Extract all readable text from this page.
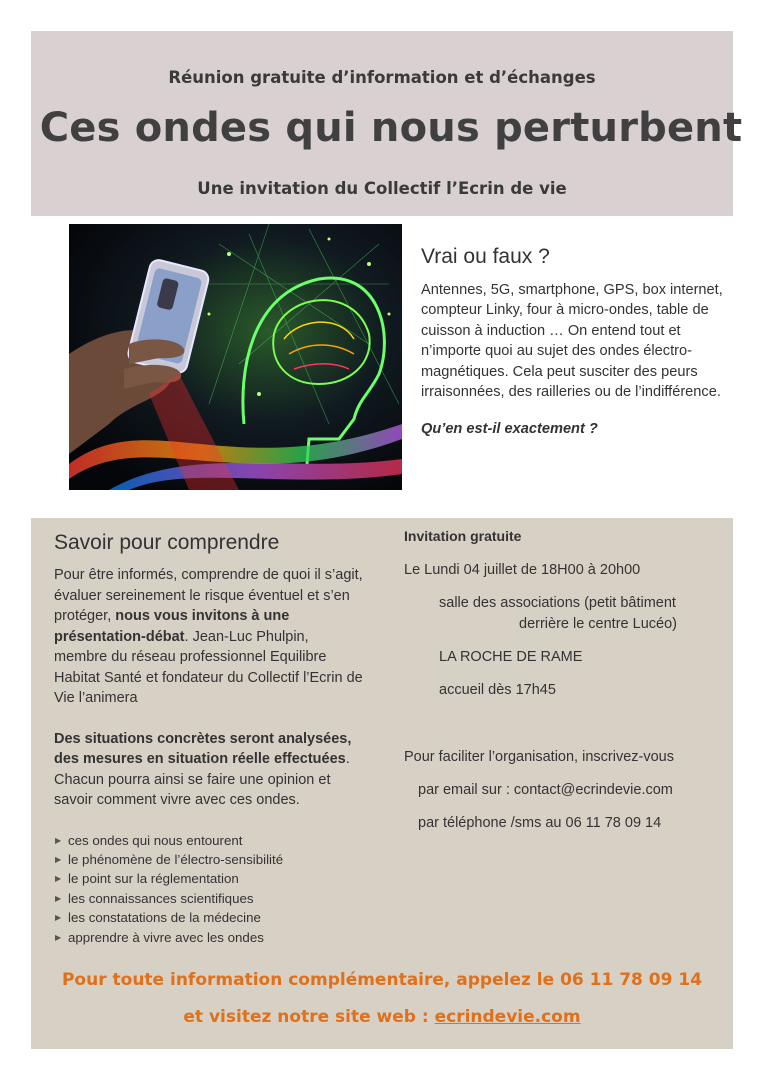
Réunion gratuite d’information et d’échanges
Ces ondes qui nous perturbent
Une invitation du Collectif l’Ecrin de vie
Vrai ou faux ?

Antennes, 5G, smartphone, GPS, box internet, compteur Linky, four à micro-ondes, table de cuisson à induction … On entend tout et n’importe quoi au sujet des ondes électro-magnétiques. Cela peut susciter des peurs irraisonnées, des railleries ou de l’indifférence.

Qu’en est-il exactement ?

Savoir pour comprendre

Pour être informés, comprendre de quoi il s’agit, évaluer sereinement le risque éventuel et s’en protéger, nous vous invitons à une présentation-débat. Jean-Luc Phulpin, membre du réseau professionnel Equilibre Habitat Santé et fondateur du Collectif l’Ecrin de Vie l’animera

Des situations concrètes seront analysées, des mesures en situation réelle effectuées. Chacun pourra ainsi se faire une opinion et savoir comment vivre avec ces ondes.

▶ ces ondes qui nous entourent
▶ le phénomène de l’électro-sensibilité
▶ le point sur la réglementation
▶ les connaissances scientifiques
▶ les constatations de la médecine
▶ apprendre à vivre avec les ondes
Invitation gratuite
Le Lundi 04 juillet de 18H00 à 20h00
salle des associations (petit bâtiment
derrière le centre Lucéo)
LA ROCHE DE RAME
accueil dès 17h45
Pour faciliter l’organisation, inscrivez-vous
par email sur : contact@ecrindevie.com
par téléphone /sms au 06 11 78 09 14
Pour toute information complémentaire, appelez le 06 11 78 09 14
et visitez notre site web : ecrindevie.com
